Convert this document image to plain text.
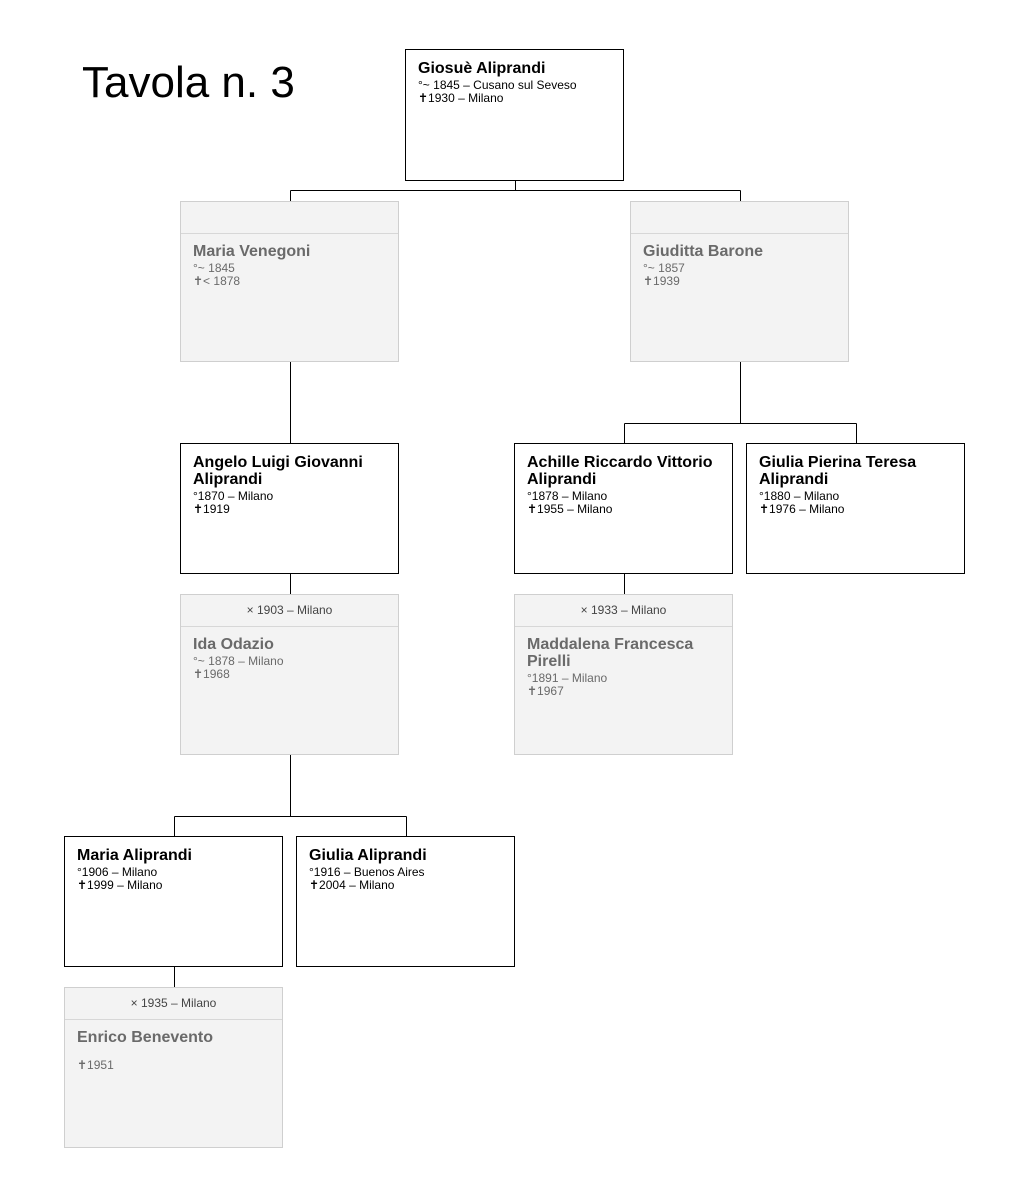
Tavola n. 3	Giosuè Aliprandi
°~ 1845 – Cusano sul Seveso
✝1930 – Milano
Maria Venegoni
°~ 1845
✝< 1878
Giuditta Barone
°~ 1857
✝1939
Angelo Luigi Giovanni Aliprandi
°1870 – Milano
✝1919
Achille Riccardo Vittorio Aliprandi
°1878 – Milano
✝1955 – Milano
Giulia Pierina Teresa Aliprandi
°1880 – Milano
✝1976 – Milano
× 1903 – Milano
Ida Odazio
°~ 1878 – Milano
✝1968
× 1933 – Milano
Maddalena Francesca Pirelli
°1891 – Milano
✝1967
Maria Aliprandi
°1906 – Milano
✝1999 – Milano
Giulia Aliprandi
°1916 – Buenos Aires
✝2004 – Milano
× 1935 – Milano
Enrico Benevento
✝1951
